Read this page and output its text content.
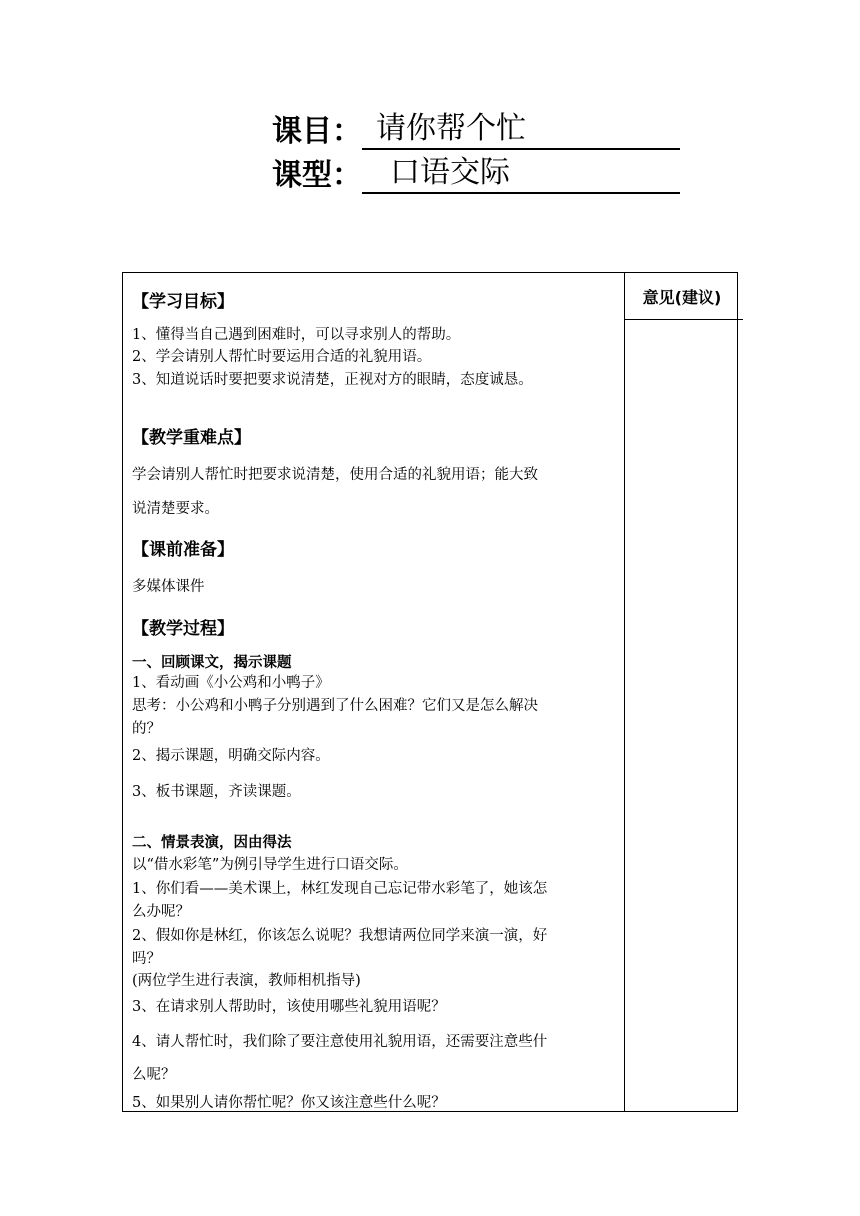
课目： 请你帮个忙
课型： 口语交际
意见(建议)
【学习目标】
1、懂得当自己遇到困难时，可以寻求别人的帮助。
2、学会请别人帮忙时要运用合适的礼貌用语。
3、知道说话时要把要求说清楚，正视对方的眼睛，态度诚恳。
【教学重难点】
学会请别人帮忙时把要求说清楚，使用合适的礼貌用语；能大致
说清楚要求。
【课前准备】
多媒体课件
【教学过程】
一、回顾课文，揭示课题
1、看动画《小公鸡和小鸭子》
思考：小公鸡和小鸭子分别遇到了什么困难？它们又是怎么解决
的？
2、揭示课题，明确交际内容。
3、板书课题，齐读课题。
二、情景表演，因由得法
以“借水彩笔”为例引导学生进行口语交际。
1、你们看——美术课上，林红发现自己忘记带水彩笔了，她该怎
么办呢？
2、假如你是林红，你该怎么说呢？我想请两位同学来演一演，好
吗？
(两位学生进行表演，教师相机指导)
3、在请求别人帮助时，该使用哪些礼貌用语呢？
4、请人帮忙时，我们除了要注意使用礼貌用语，还需要注意些什
么呢？
5、如果别人请你帮忙呢？你又该注意些什么呢？
